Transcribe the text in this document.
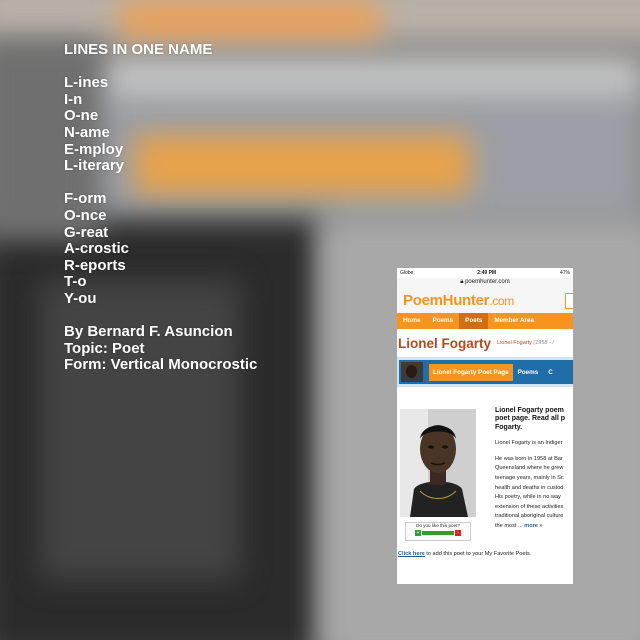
LINES IN ONE NAME
L-ines
I-n
O-ne
N-ame
E-mploy
L-iterary
F-orm
O-nce
G-reat
A-crostic
R-eports
T-o
Y-ou
By Bernard F. Asuncion
Topic: Poet
Form: Vertical Monocrostic
Globe	2:49 PM	47%
🔒︎ poemhunter.com
PoemHunter.com
Home	Poems	Poets	Member Area
Lionel Fogarty Lionel Fogarty (1958 - /
Lionel Fogarty Poet Page	Poems	C
Do you like this poet?
+	-
Lionel Fogarty poem
poet page. Read all p
Fogarty.
Lionel Fogarty is an Indiger
He was born in 1958 at Bar
Queensland where he grew
teenage years, mainly in Sc
health and deaths in custod
His poetry, while in no way
extension of these activities
traditional aboriginal culture
the most ... more »
Click here to add this poet to your My Favorite Poets.
